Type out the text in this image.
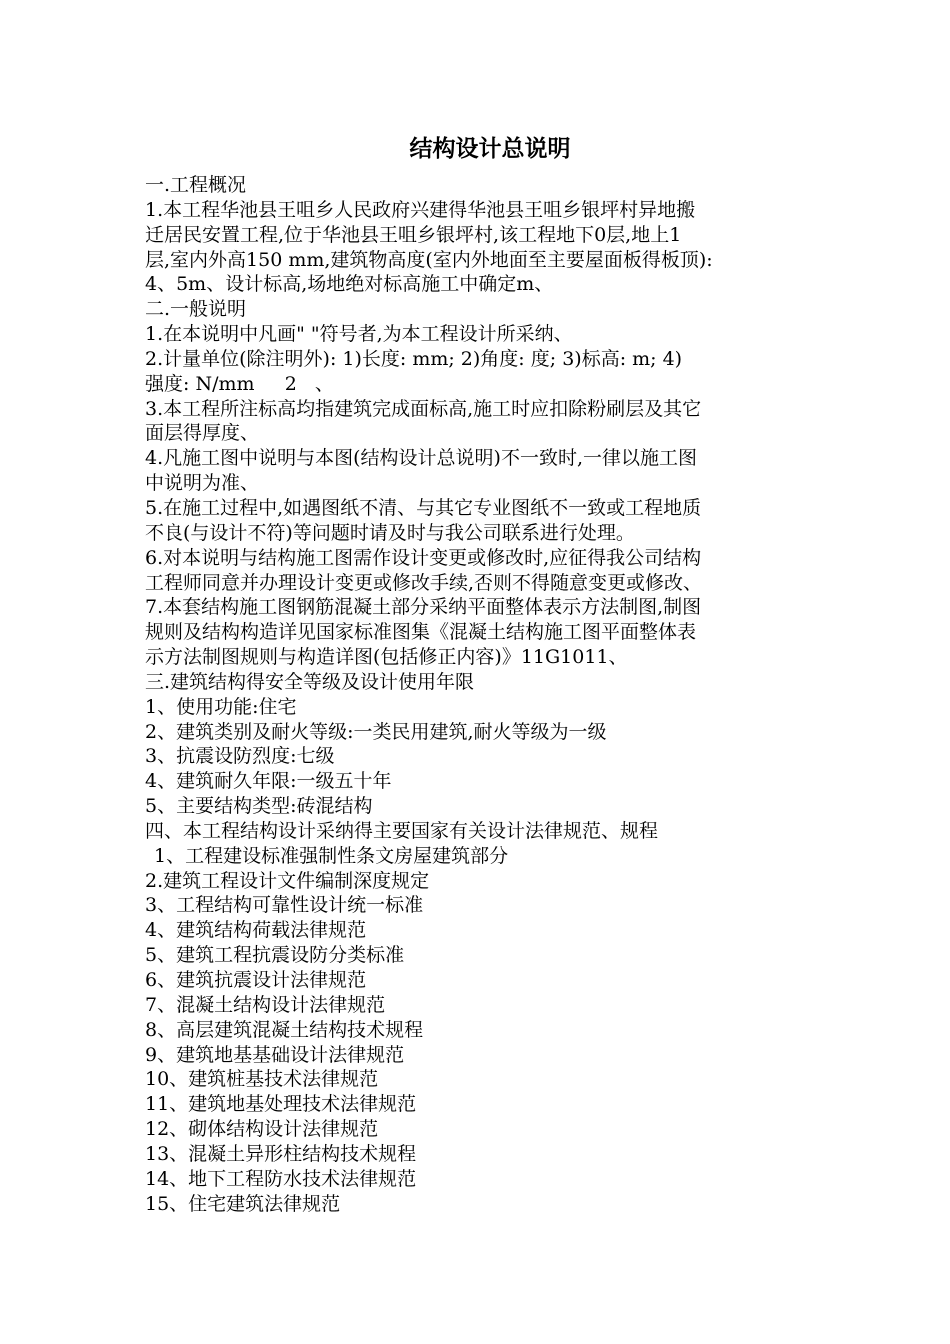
结构设计总说明
一.工程概况
1.本工程华池县王咀乡人民政府兴建得华池县王咀乡银坪村异地搬
迁居民安置工程,位于华池县王咀乡银坪村,该工程地下0层,地上1
层,室内外高150 mm,建筑物高度(室内外地面至主要屋面板得板顶):
4、5m、设计标高,场地绝对标高施工中确定m、
二.一般说明
1.在本说明中凡画" "符号者,为本工程设计所采纳、
2.计量单位(除注明外): 1)长度: mm; 2)角度: 度; 3)标高: m; 4)
强度: N/mm     2   、
3.本工程所注标高均指建筑完成面标高,施工时应扣除粉刷层及其它
面层得厚度、
4.凡施工图中说明与本图(结构设计总说明)不一致时,一律以施工图
中说明为准、
5.在施工过程中,如遇图纸不清、与其它专业图纸不一致或工程地质
不良(与设计不符)等问题时请及时与我公司联系进行处理。
6.对本说明与结构施工图需作设计变更或修改时,应征得我公司结构
工程师同意并办理设计变更或修改手续,否则不得随意变更或修改、
7.本套结构施工图钢筋混凝土部分采纳平面整体表示方法制图,制图
规则及结构构造详见国家标准图集《混凝土结构施工图平面整体表
示方法制图规则与构造详图(包括修正内容)》11G1011、
三.建筑结构得安全等级及设计使用年限
1、使用功能:住宅
2、建筑类别及耐火等级:一类民用建筑,耐火等级为一级
3、抗震设防烈度:七级
4、建筑耐久年限:一级五十年
5、主要结构类型:砖混结构
四、本工程结构设计采纳得主要国家有关设计法律规范、规程
1、工程建设标准强制性条文房屋建筑部分
2.建筑工程设计文件编制深度规定
3、工程结构可靠性设计统一标准
4、建筑结构荷载法律规范
5、建筑工程抗震设防分类标准
6、建筑抗震设计法律规范
7、混凝土结构设计法律规范
8、高层建筑混凝土结构技术规程
9、建筑地基基础设计法律规范
10、建筑桩基技术法律规范
11、建筑地基处理技术法律规范
12、砌体结构设计法律规范
13、混凝土异形柱结构技术规程
14、地下工程防水技术法律规范
15、住宅建筑法律规范
